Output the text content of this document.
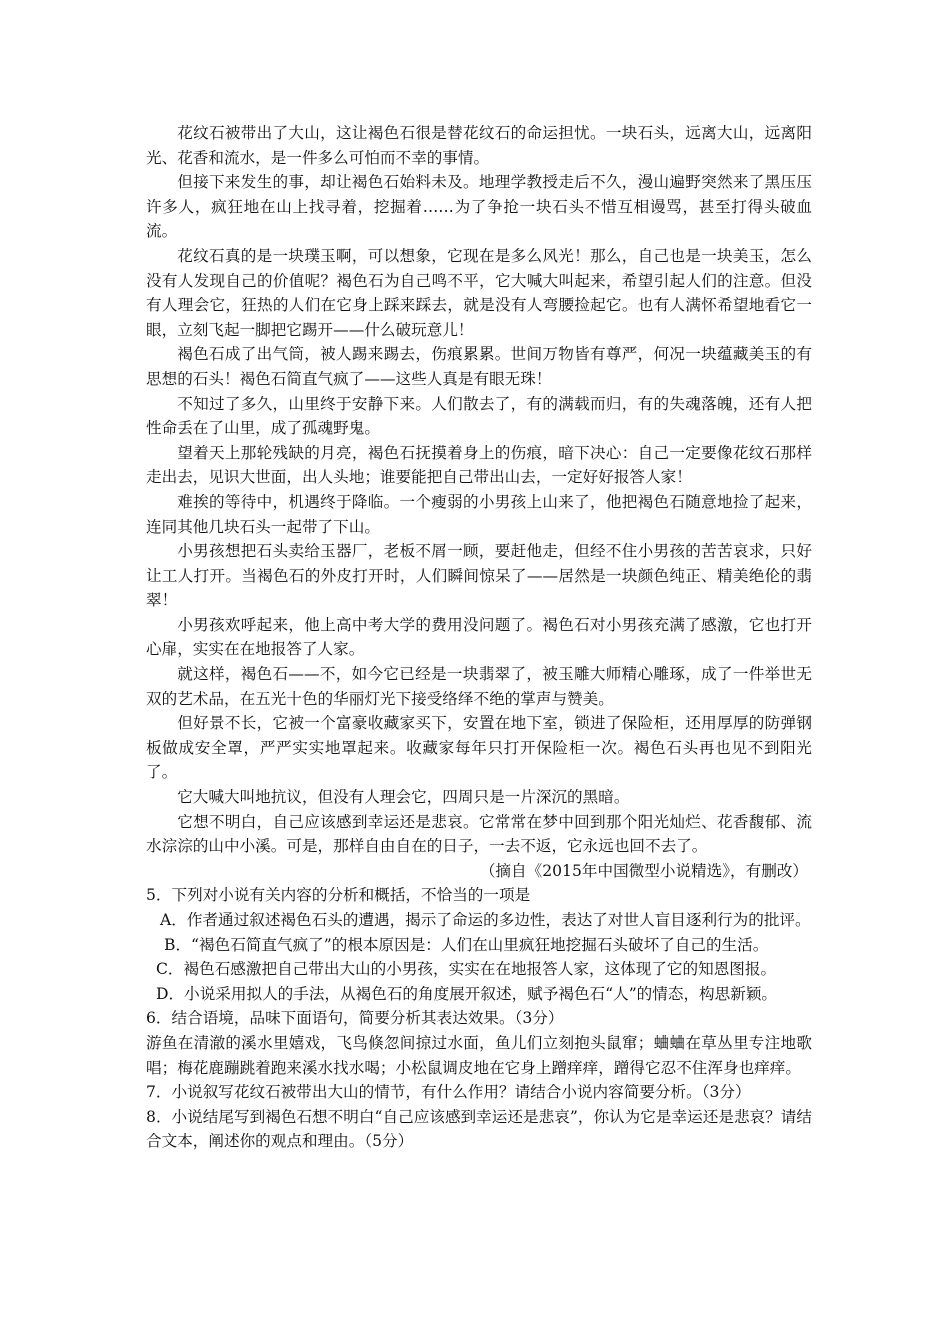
花纹石被带出了大山，这让褐色石很是替花纹石的命运担忧。一块石头，远离大山，远离阳光、花香和流水，是一件多么可怕而不幸的事情。

但接下来发生的事，却让褐色石始料未及。地理学教授走后不久，漫山遍野突然来了黑压压许多人，疯狂地在山上找寻着，挖掘着……为了争抢一块石头不惜互相谩骂，甚至打得头破血流。

花纹石真的是一块璞玉啊，可以想象，它现在是多么风光！那么，自己也是一块美玉，怎么没有人发现自己的价值呢？褐色石为自己鸣不平，它大喊大叫起来，希望引起人们的注意。但没有人理会它，狂热的人们在它身上踩来踩去，就是没有人弯腰捡起它。也有人满怀希望地看它一眼，立刻飞起一脚把它踢开——什么破玩意儿！

褐色石成了出气筒，被人踢来踢去，伤痕累累。世间万物皆有尊严，何况一块蕴藏美玉的有思想的石头！褐色石简直气疯了——这些人真是有眼无珠！

不知过了多久，山里终于安静下来。人们散去了，有的满载而归，有的失魂落魄，还有人把性命丢在了山里，成了孤魂野鬼。

望着天上那轮残缺的月亮，褐色石抚摸着身上的伤痕，暗下决心：自己一定要像花纹石那样走出去，见识大世面，出人头地；谁要能把自己带出山去，一定好好报答人家！

难挨的等待中，机遇终于降临。一个瘦弱的小男孩上山来了，他把褐色石随意地捡了起来，连同其他几块石头一起带了下山。

小男孩想把石头卖给玉器厂，老板不屑一顾，要赶他走，但经不住小男孩的苦苦哀求，只好让工人打开。当褐色石的外皮打开时，人们瞬间惊呆了——居然是一块颜色纯正、精美绝伦的翡翠！

小男孩欢呼起来，他上高中考大学的费用没问题了。褐色石对小男孩充满了感激，它也打开心扉，实实在在地报答了人家。

就这样，褐色石——不，如今它已经是一块翡翠了，被玉雕大师精心雕琢，成了一件举世无双的艺术品，在五光十色的华丽灯光下接受络绎不绝的掌声与赞美。

但好景不长，它被一个富豪收藏家买下，安置在地下室，锁进了保险柜，还用厚厚的防弹钢板做成安全罩，严严实实地罩起来。收藏家每年只打开保险柜一次。褐色石头再也见不到阳光了。

它大喊大叫地抗议，但没有人理会它，四周只是一片深沉的黑暗。

它想不明白，自己应该感到幸运还是悲哀。它常常在梦中回到那个阳光灿烂、花香馥郁、流水淙淙的山中小溪。可是，那样自由自在的日子，一去不返，它永远也回不去了。

（摘自《2015年中国微型小说精选》，有删改）

5．下列对小说有关内容的分析和概括，不恰当的一项是

A．作者通过叙述褐色石头的遭遇，揭示了命运的多边性，表达了对世人盲目逐利行为的批评。

B．“褐色石简直气疯了”的根本原因是：人们在山里疯狂地挖掘石头破坏了自己的生活。

C．褐色石感激把自己带出大山的小男孩，实实在在地报答人家，这体现了它的知恩图报。

D．小说采用拟人的手法，从褐色石的角度展开叙述，赋予褐色石“人”的情态，构思新颖。

6．结合语境，品味下面语句，简要分析其表达效果。（3分）

游鱼在清澈的溪水里嬉戏，飞鸟倏忽间掠过水面，鱼儿们立刻抱头鼠窜；蛐蛐在草丛里专注地歌唱；梅花鹿蹦跳着跑来溪水找水喝；小松鼠调皮地在它身上蹭痒痒，蹭得它忍不住浑身也痒痒。

7．小说叙写花纹石被带出大山的情节，有什么作用？请结合小说内容简要分析。（3分）

8．小说结尾写到褐色石想不明白“自己应该感到幸运还是悲哀”，你认为它是幸运还是悲哀？请结合文本，阐述你的观点和理由。（5分）
